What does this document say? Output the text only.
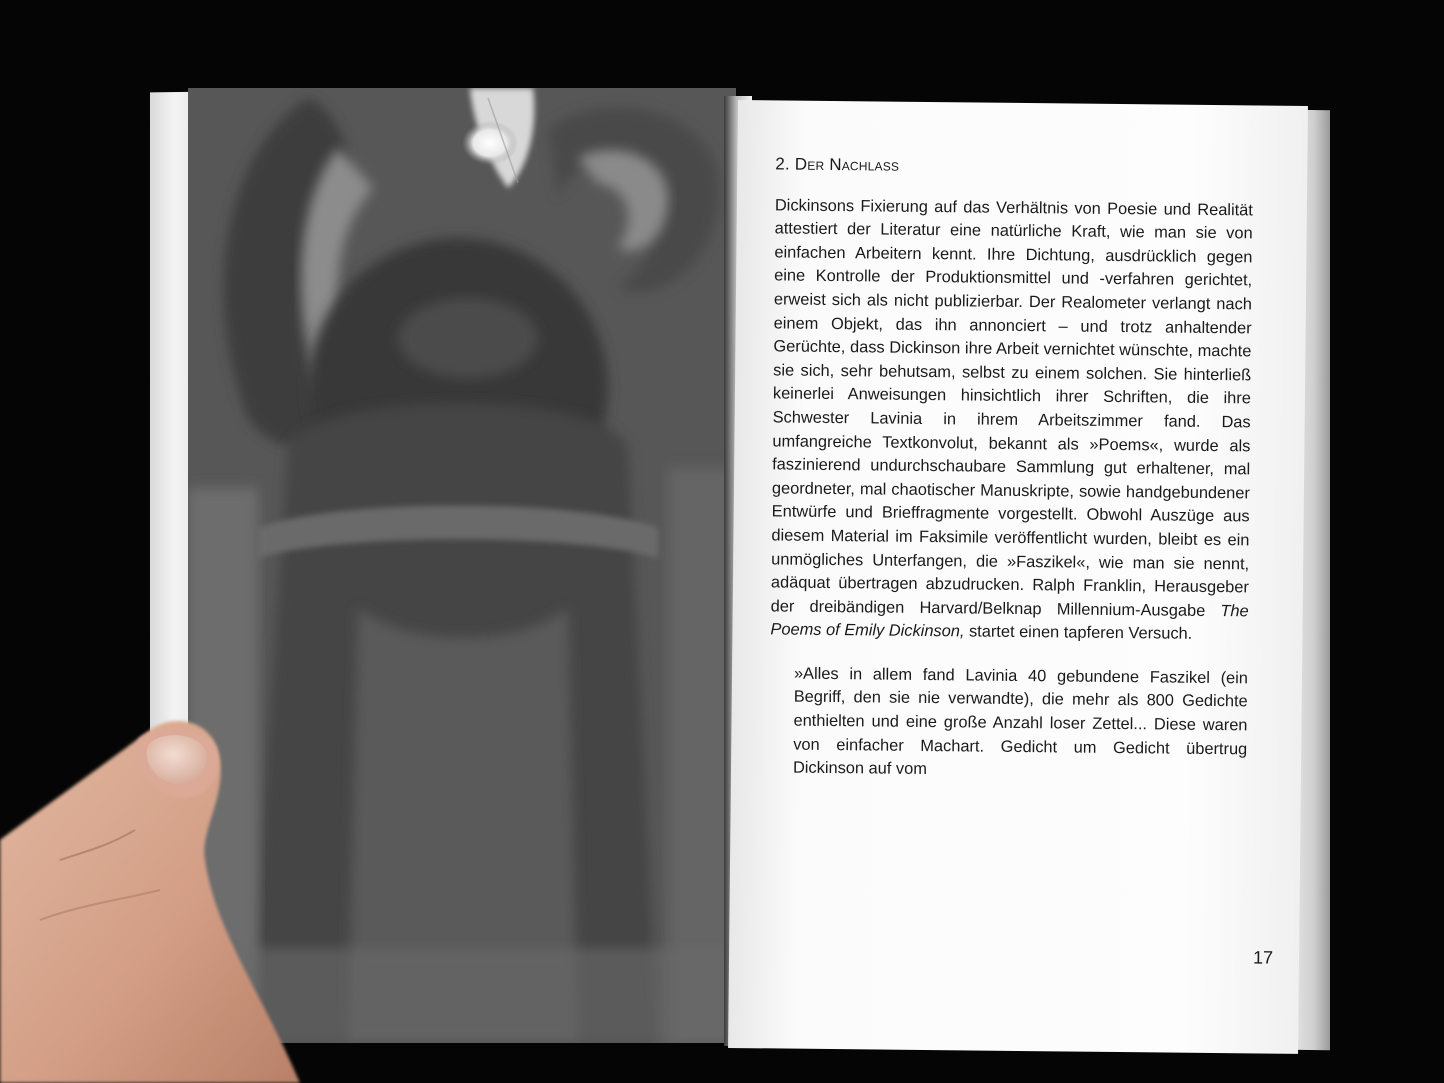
2. Der Nachlass

Dickinsons Fixierung auf das Verhältnis von Poesie und Realität attestiert der Literatur eine natürliche Kraft, wie man sie von einfachen Arbeitern kennt. Ihre Dichtung, ausdrücklich gegen eine Kontrolle der Produktionsmittel und -verfahren gerichtet, erweist sich als nicht publizierbar. Der Realometer verlangt nach einem Objekt, das ihn annonciert – und trotz anhaltender Gerüchte, dass Dickinson ihre Arbeit vernichtet wünschte, machte sie sich, sehr behutsam, selbst zu einem solchen. Sie hinterließ keinerlei Anweisungen hinsichtlich ihrer Schriften, die ihre Schwester Lavinia in ihrem Arbeitszimmer fand. Das umfangreiche Textkonvolut, bekannt als »Poems«, wurde als faszinierend undurchschaubare Sammlung gut erhaltener, mal geordneter, mal chaotischer Manuskripte, sowie handgebundener Entwürfe und Brieffragmente vorgestellt. Obwohl Auszüge aus diesem Material im Faksimile veröffentlicht wurden, bleibt es ein unmögliches Unterfangen, die »Faszikel«, wie man sie nennt, adäquat übertragen abzudrucken. Ralph Franklin, Herausgeber der dreibändigen Harvard/Belknap Millennium-Ausgabe The Poems of Emily Dickinson, startet einen tapferen Versuch.

»Alles in allem fand Lavinia 40 gebundene Faszikel (ein Begriff, den sie nie verwandte), die mehr als 800 Gedichte enthielten und eine große Anzahl loser Zettel... Diese waren von einfacher Machart. Gedicht um Gedicht übertrug Dickinson auf vom

17
